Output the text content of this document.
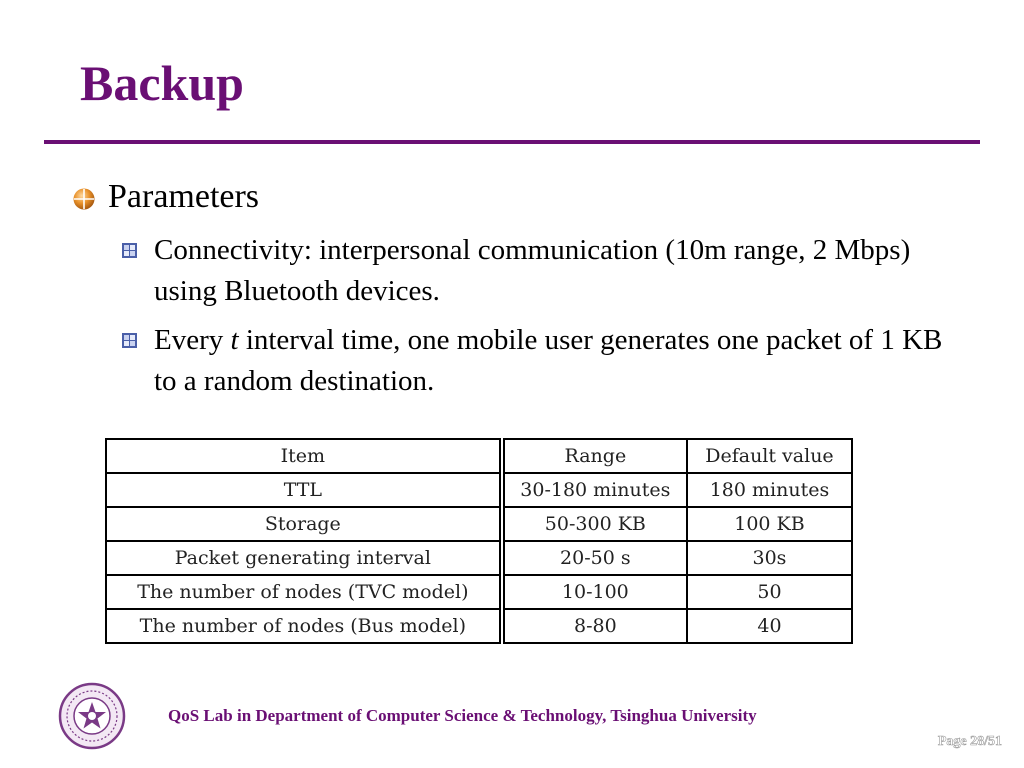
Backup
Parameters
Connectivity: interpersonal communication (10m range, 2 Mbps) using Bluetooth devices.
Every t interval time, one mobile user generates one packet of 1 KB to a random destination.
Item	Range	Default value
TTL	30-180 minutes	180 minutes
Storage	50-300 KB	100 KB
Packet generating interval	20-50 s	30s
The number of nodes (TVC model)	10-100	50
The number of nodes (Bus model)	8-80	40
QoS Lab in Department of Computer Science & Technology, Tsinghua University
Page 28/51
